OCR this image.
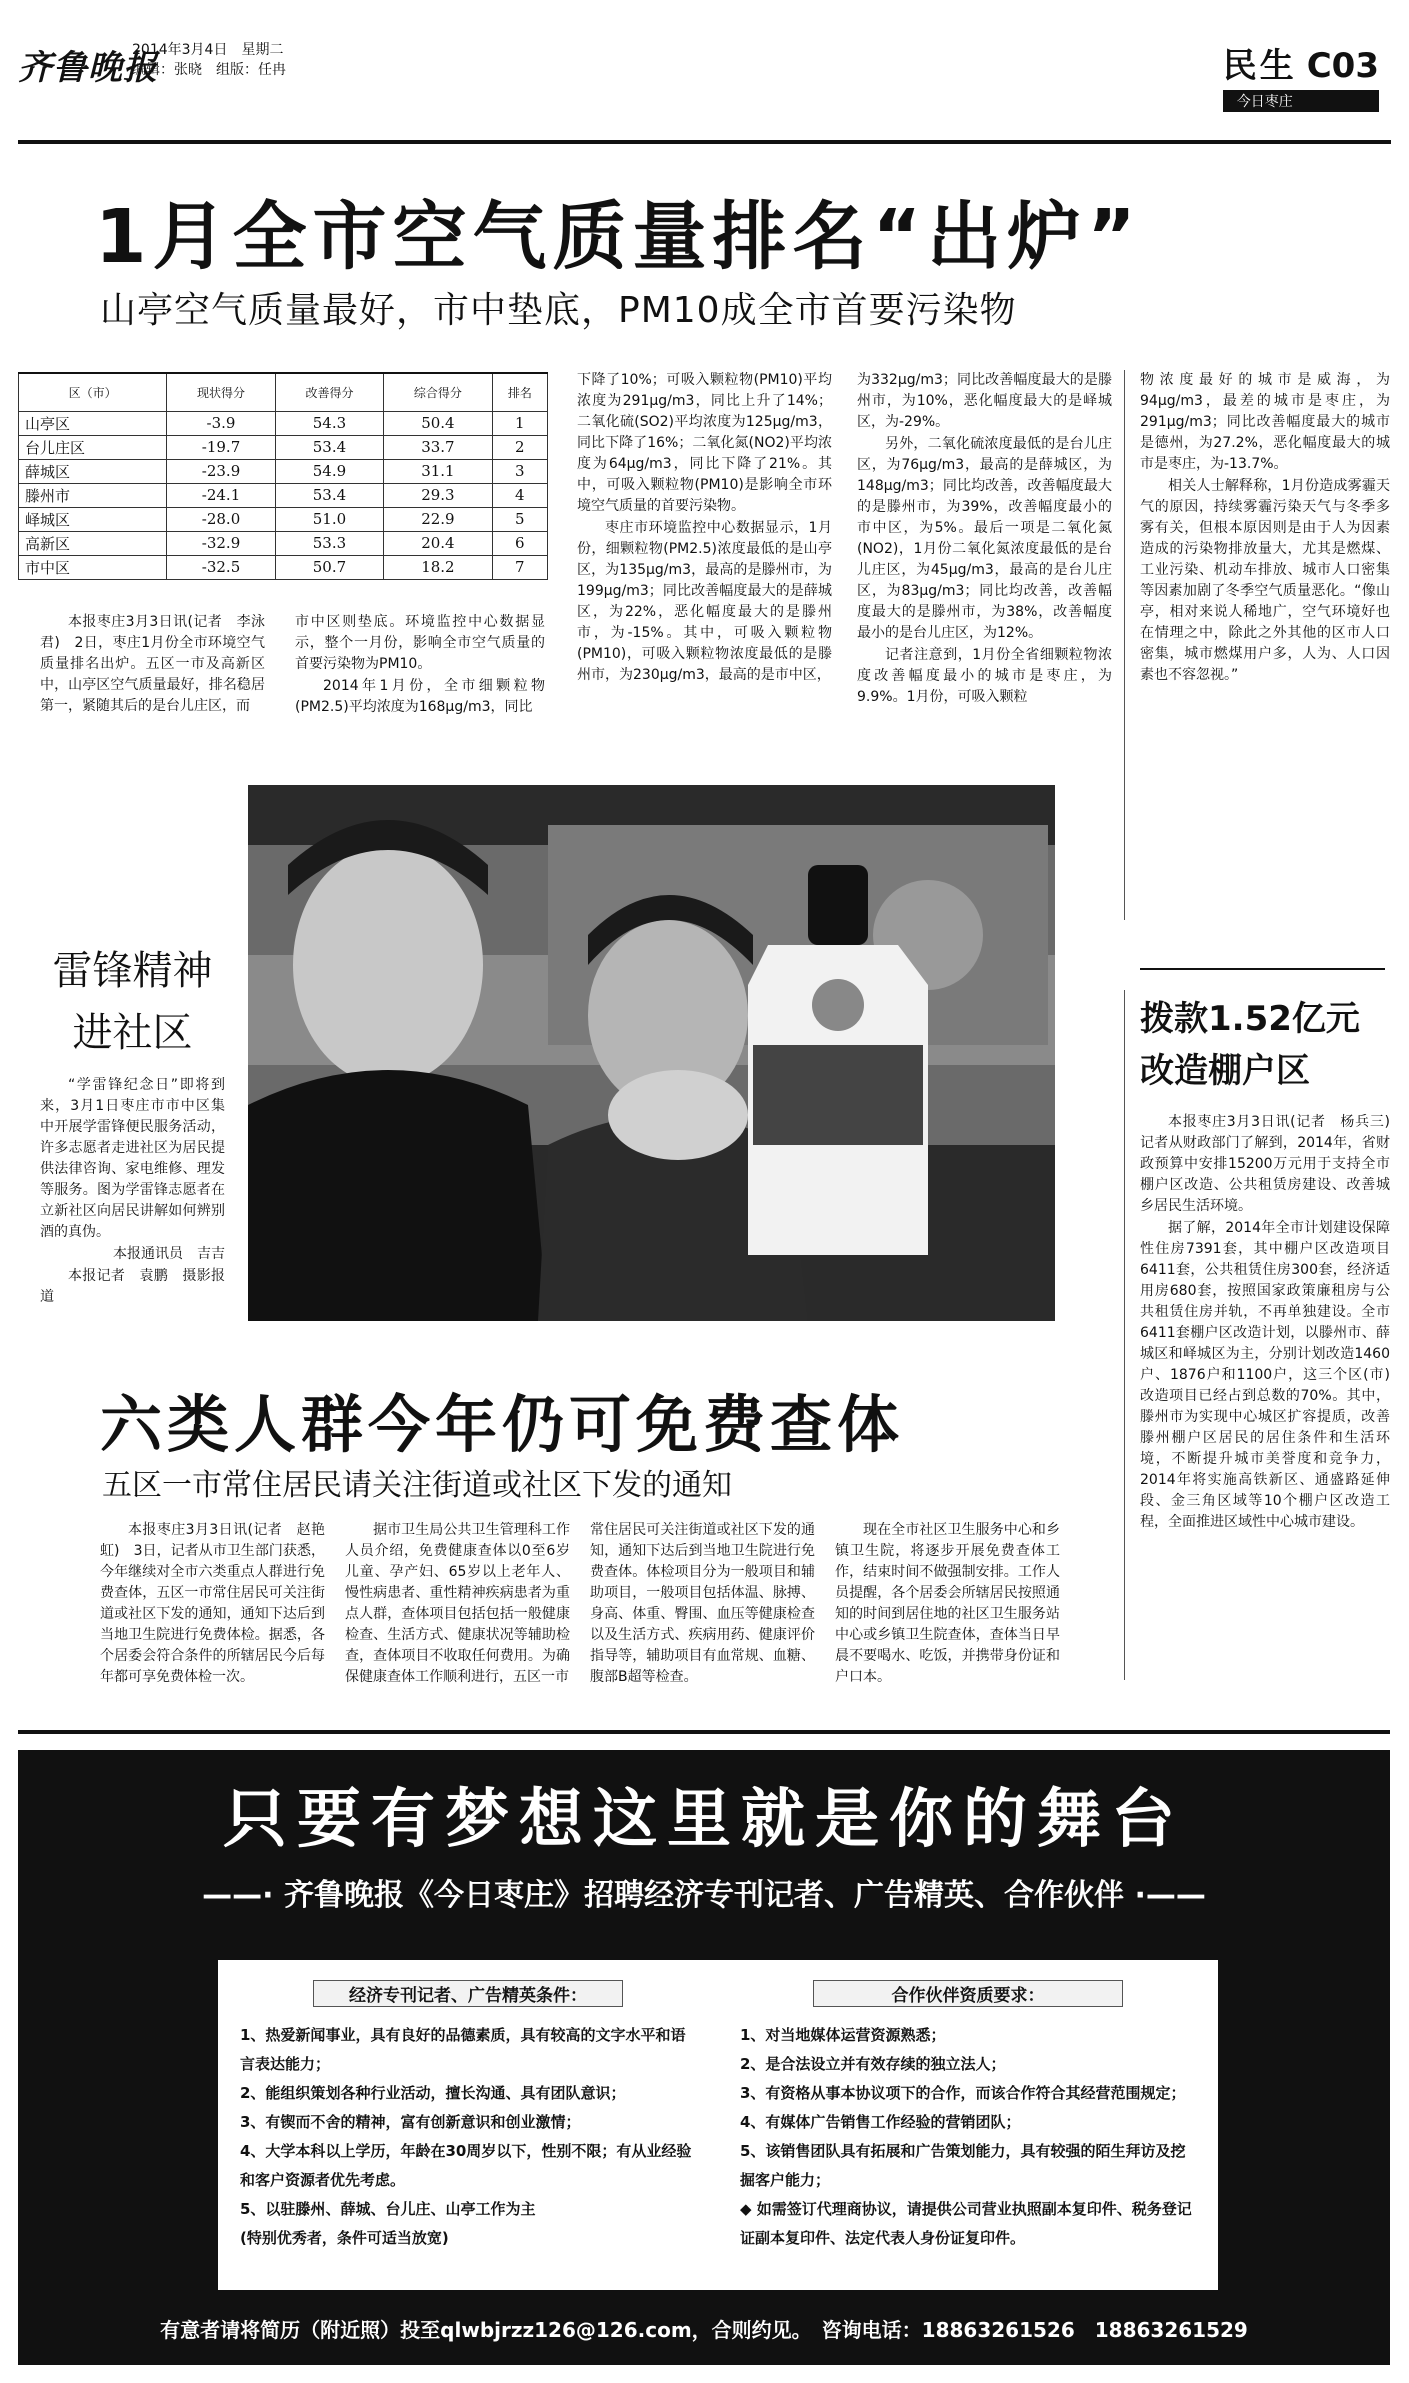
齐鲁晚报
2014年3月4日　星期二
编辑：张晓　组版：任冉	民生 C03
今日枣庄
1月全市空气质量排名“出炉”
山亭空气质量最好，市中垫底，PM10成全市首要污染物
区（市）	现状得分	改善得分	综合得分	排名
山亭区	-3.9	54.3	50.4	1
台儿庄区	-19.7	53.4	33.7	2
薛城区	-23.9	54.9	31.1	3
滕州市	-24.1	53.4	29.3	4
峄城区	-28.0	51.0	22.9	5
高新区	-32.9	53.3	20.4	6
市中区	-32.5	50.7	18.2	7

本报枣庄3月3日讯(记者　李泳君)　2日，枣庄1月份全市环境空气质量排名出炉。五区一市及高新区中，山亭区空气质量最好，排名稳居第一，紧随其后的是台儿庄区，而

市中区则垫底。环境监控中心数据显示，整个一月份，影响全市空气质量的首要污染物为PM10。

2014年1月份，全市细颗粒物(PM2.5)平均浓度为168μg/m3，同比

下降了10%；可吸入颗粒物(PM10)平均浓度为291μg/m3，同比上升了14%；二氧化硫(SO2)平均浓度为125μg/m3，同比下降了16%；二氧化氮(NO2)平均浓度为64μg/m3，同比下降了21%。其中，可吸入颗粒物(PM10)是影响全市环境空气质量的首要污染物。

枣庄市环境监控中心数据显示，1月份，细颗粒物(PM2.5)浓度最低的是山亭区，为135μg/m3，最高的是滕州市，为199μg/m3；同比改善幅度最大的是薛城区，为22%，恶化幅度最大的是滕州市，为-15%。其中，可吸入颗粒物(PM10)，可吸入颗粒物浓度最低的是滕州市，为230μg/m3，最高的是市中区，

为332μg/m3；同比改善幅度最大的是滕州市，为10%，恶化幅度最大的是峄城区，为-29%。

另外，二氧化硫浓度最低的是台儿庄区，为76μg/m3，最高的是薛城区，为148μg/m3；同比均改善，改善幅度最大的是滕州市，为39%，改善幅度最小的市中区，为5%。最后一项是二氧化氮(NO2)，1月份二氧化氮浓度最低的是台儿庄区，为45μg/m3，最高的是台儿庄区，为83μg/m3；同比均改善，改善幅度最大的是滕州市，为38%，改善幅度最小的是台儿庄区，为12%。

记者注意到，1月份全省细颗粒物浓度改善幅度最小的城市是枣庄，为9.9%。1月份，可吸入颗粒

物浓度最好的城市是威海，为94μg/m3，最差的城市是枣庄，为291μg/m3；同比改善幅度最大的城市是德州，为27.2%，恶化幅度最大的城市是枣庄，为-13.7%。

相关人士解释称，1月份造成雾霾天气的原因，持续雾霾污染天气与冬季多雾有关，但根本原因则是由于人为因素造成的污染物排放量大，尤其是燃煤、工业污染、机动车排放、城市人口密集等因素加剧了冬季空气质量恶化。“像山亭，相对来说人稀地广，空气环境好也在情理之中，除此之外其他的区市人口密集，城市燃煤用户多，人为、人口因素也不容忽视。”

雷锋精神
进社区

“学雷锋纪念日”即将到来，3月1日枣庄市市中区集中开展学雷锋便民服务活动，许多志愿者走进社区为居民提供法律咨询、家电维修、理发等服务。图为学雷锋志愿者在立新社区向居民讲解如何辨别酒的真伪。

本报通讯员　吉吉

本报记者　袁鹏　摄影报道

拨款1.52亿元
改造棚户区

本报枣庄3月3日讯(记者　杨兵三)　记者从财政部门了解到，2014年，省财政预算中安排15200万元用于支持全市棚户区改造、公共租赁房建设、改善城乡居民生活环境。

据了解，2014年全市计划建设保障性住房7391套，其中棚户区改造项目6411套，公共租赁住房300套，经济适用房680套，按照国家政策廉租房与公共租赁住房并轨，不再单独建设。全市6411套棚户区改造计划，以滕州市、薛城区和峄城区为主，分别计划改造1460户、1876户和1100户，这三个区(市)改造项目已经占到总数的70%。其中，滕州市为实现中心城区扩容提质，改善滕州棚户区居民的居住条件和生活环境，不断提升城市美誉度和竞争力，2014年将实施高铁新区、通盛路延伸段、金三角区域等10个棚户区改造工程，全面推进区域性中心城市建设。

六类人群今年仍可免费查体
五区一市常住居民请关注街道或社区下发的通知

本报枣庄3月3日讯(记者　赵艳虹)　3日，记者从市卫生部门获悉，今年继续对全市六类重点人群进行免费查体，五区一市常住居民可关注街道或社区下发的通知，通知下达后到当地卫生院进行免费体检。据悉，各个居委会符合条件的所辖居民今后每年都可享免费体检一次。

据市卫生局公共卫生管理科工作人员介绍，免费健康查体以0至6岁儿童、孕产妇、65岁以上老年人、慢性病患者、重性精神疾病患者为重点人群，查体项目包括包括一般健康检查、生活方式、健康状况等辅助检查，查体项目不收取任何费用。为确保健康查体工作顺利进行，五区一市

常住居民可关注街道或社区下发的通知，通知下达后到当地卫生院进行免费查体。体检项目分为一般项目和辅助项目，一般项目包括体温、脉搏、身高、体重、臀围、血压等健康检查以及生活方式、疾病用药、健康评价指导等，辅助项目有血常规、血糖、腹部B超等检查。

现在全市社区卫生服务中心和乡镇卫生院，将逐步开展免费查体工作，结束时间不做强制安排。工作人员提醒，各个居委会所辖居民按照通知的时间到居住地的社区卫生服务站中心或乡镇卫生院查体，查体当日早晨不要喝水、吃饭，并携带身份证和户口本。

只要有梦想这里就是你的舞台
——· 齐鲁晚报《今日枣庄》招聘经济专刊记者、广告精英、合作伙伴 ·——
经济专刊记者、广告精英条件：
1、热爱新闻事业，具有良好的品德素质，具有较高的文字水平和语言表达能力；
2、能组织策划各种行业活动，擅长沟通、具有团队意识；
3、有锲而不舍的精神，富有创新意识和创业激情；
4、大学本科以上学历，年龄在30周岁以下，性别不限；有从业经验和客户资源者优先考虑。
5、以驻滕州、薛城、台儿庄、山亭工作为主
(特别优秀者，条件可适当放宽)
合作伙伴资质要求：
1、对当地媒体运营资源熟悉；
2、是合法设立并有效存续的独立法人；
3、有资格从事本协议项下的合作，而该合作符合其经营范围规定；
4、有媒体广告销售工作经验的营销团队；
5、该销售团队具有拓展和广告策划能力，具有较强的陌生拜访及挖掘客户能力；
◆ 如需签订代理商协议，请提供公司营业执照副本复印件、税务登记证副本复印件、法定代表人身份证复印件。
有意者请将简历（附近照）投至qlwbjrzz126@126.com，合则约见。　咨询电话：18863261526　18863261529
